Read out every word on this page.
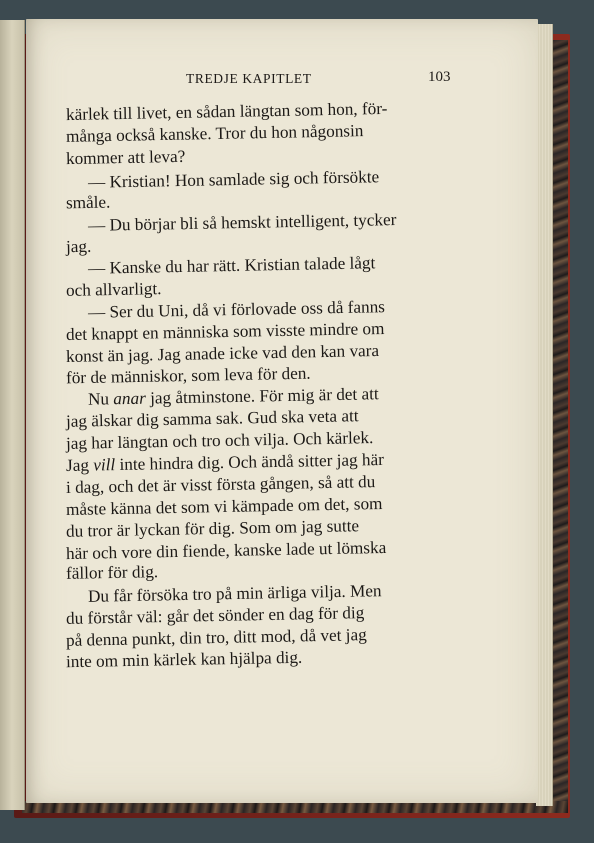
TREDJE KAPITLET	103
kärlek till livet, en sådan längtan som hon, för-
många också kanske. Tror du hon någonsin
kommer att leva?
— Kristian! Hon samlade sig och försökte
småle.
— Du börjar bli så hemskt intelligent, tycker
jag.
— Kanske du har rätt. Kristian talade lågt
och allvarligt.
— Ser du Uni, då vi förlovade oss då fanns
det knappt en människa som visste mindre om
konst än jag. Jag anade icke vad den kan vara
för de människor, som leva för den.
Nu anar jag åtminstone. För mig är det att
jag älskar dig samma sak. Gud ska veta att
jag har längtan och tro och vilja. Och kärlek.
Jag vill inte hindra dig. Och ändå sitter jag här
i dag, och det är visst första gången, så att du
måste känna det som vi kämpade om det, som
du tror är lyckan för dig. Som om jag sutte
här och vore din fiende, kanske lade ut lömska
fällor för dig.
Du får försöka tro på min ärliga vilja. Men
du förstår väl: går det sönder en dag för dig
på denna punkt, din tro, ditt mod, då vet jag
inte om min kärlek kan hjälpa dig.
